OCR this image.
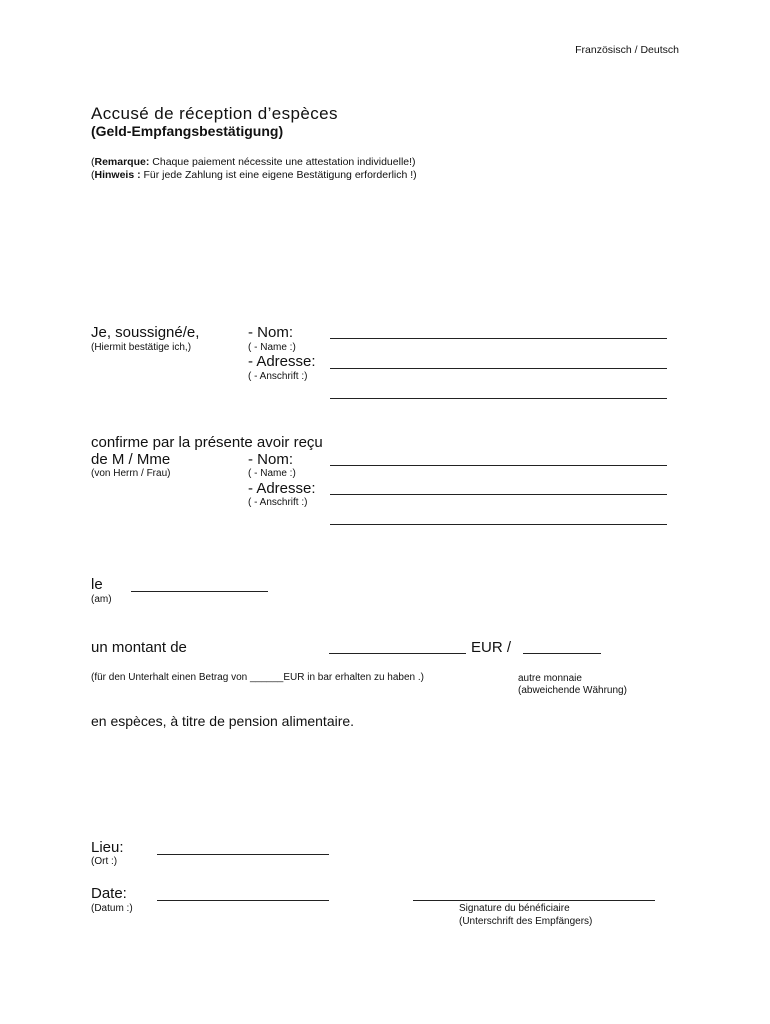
Französisch / Deutsch
Accusé de réception d’espèces
(Geld-Empfangsbestätigung)
(Remarque: Chaque paiement nécessite une attestation individuelle!)
(Hinweis : Für jede Zahlung ist eine eigene Bestätigung erforderlich !)
Je, soussigné/e,
(Hiermit bestätige ich,)
- Nom:
( - Name :)
- Adresse:
( - Anschrift :)
confirme par la présente avoir reçu
de M / Mme
(von Herrn / Frau)
- Nom:
( - Name :)
- Adresse:
( - Anschrift :)
le
(am)
un montant de	EUR /
(für den Unterhalt einen Betrag von ______EUR in bar erhalten zu haben .)	autre monnaie
(abweichende Währung)
en espèces, à titre de pension alimentaire.
Lieu:
(Ort :)
Date:
(Datum :)	Signature du bénéficiaire
(Unterschrift des Empfängers)
